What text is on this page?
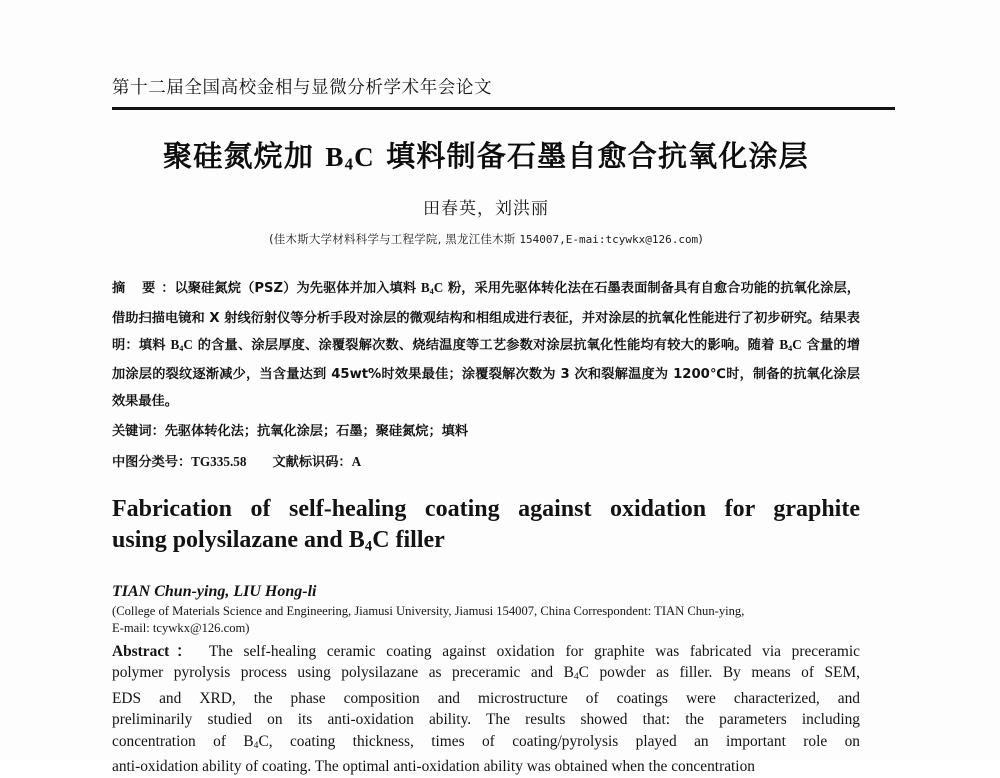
第十二届全国高校金相与显微分析学术年会论文
聚硅氮烷加 $B_4C$ 填料制备石墨自愈合抗氧化涂层
田春英，刘洪丽
(佳木斯大学材料科学与工程学院, 黑龙江佳木斯 154007,E-mai:tcywkx@126.com)
摘 要：以聚硅氮烷（PSZ）为先驱体并加入填料 $B_4C$ 粉，采用先驱体转化法在石墨表面制备具有自愈合功能的抗氧化涂层，借助扫描电镜和 X 射线衍射仪等分析手段对涂层的微观结构和相组成进行表征，并对涂层的抗氧化性能进行了初步研究。结果表明：填料 $B_4C$ 的含量、涂层厚度、涂覆裂解次数、烧结温度等工艺参数对涂层抗氧化性能均有较大的影响。随着 $B_4C$ 含量的增加涂层的裂纹逐渐减少，当含量达到 45wt%时效果最佳；涂覆裂解次数为 3 次和裂解温度为 1200℃时，制备的抗氧化涂层效果最佳。
关键词：先驱体转化法；抗氧化涂层；石墨；聚硅氮烷；填料
中图分类号：TG335.58 文献标识码：A
Fabrication of self-healing coating against oxidation for graphite
using polysilazane and $B_4C$ filler
TIAN Chun-ying, LIU Hong-li
(College of Materials Science and Engineering, Jiamusi University, Jiamusi 154007, China Correspondent: TIAN Chun-ying,
E-mail: tcywkx@126.com)

Abstract： The self-healing ceramic coating against oxidation for graphite was fabricated via preceramic
polymer pyrolysis process using polysilazane as preceramic and $B_4C$ powder as filler. By means of SEM,
EDS and XRD, the phase composition and microstructure of coatings were characterized, and
preliminarily studied on its anti-oxidation ability. The results showed that: the parameters including
concentration of $B_4C$, coating thickness, times of coating/pyrolysis played an important role on
anti-oxidation ability of coating. The optimal anti-oxidation ability was obtained when the concentration
